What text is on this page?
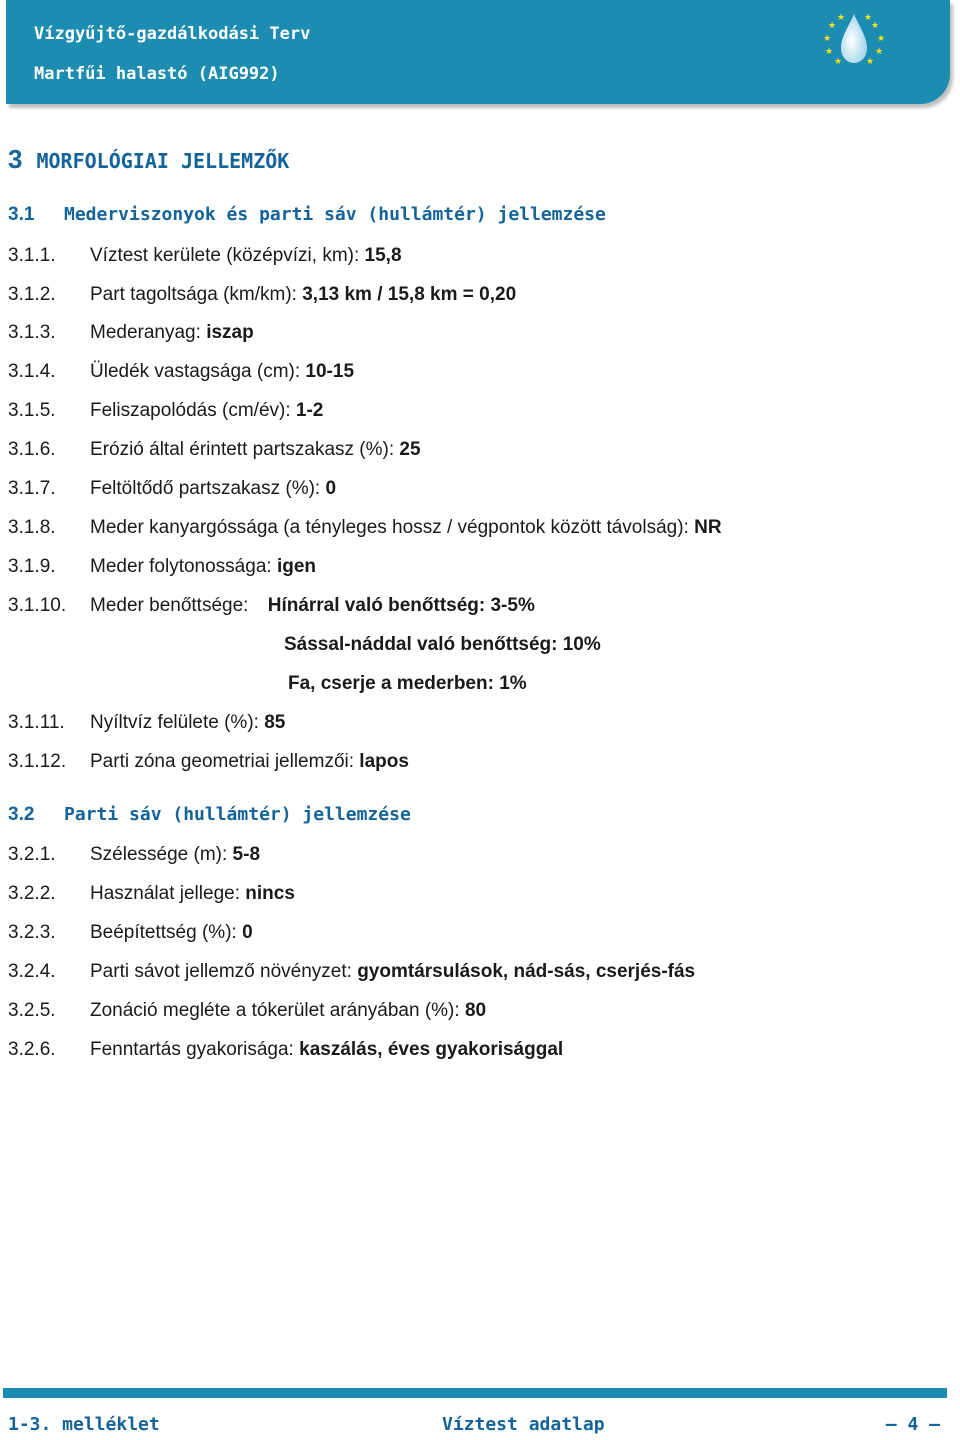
Vízgyűjtő-gazdálkodási Terv
Martfűi halastó (AIG992)
★
★
★
★
★
★
★
★
★ ★
3 MORFOLÓGIAI JELLEMZŐK
3.1 Mederviszonyok és parti sáv (hullámtér) jellemzése
3.1.1. Víztest kerülete (középvízi, km): 15,8
3.1.2. Part tagoltsága (km/km): 3,13 km / 15,8 km = 0,20
3.1.3. Mederanyag: iszap
3.1.4. Üledék vastagsága (cm): 10-15
3.1.5. Feliszapolódás (cm/év): 1-2
3.1.6. Erózió által érintett partszakasz (%): 25
3.1.7. Feltöltődő partszakasz (%): 0
3.1.8. Meder kanyargóssága (a tényleges hossz / végpontok között távolság): NR
3.1.9. Meder folytonossága: igen
3.1.10. Meder benőttsége: Hínárral való benőttség: 3-5%
Sással-náddal való benőttség: 10%
Fa, cserje a mederben: 1%
3.1.11. Nyíltvíz felülete (%): 85
3.1.12. Parti zóna geometriai jellemzői: lapos
3.2 Parti sáv (hullámtér) jellemzése
3.2.1. Szélessége (m): 5-8
3.2.2. Használat jellege: nincs
3.2.3. Beépítettség (%): 0
3.2.4. Parti sávot jellemző növényzet: gyomtársulások, nád-sás, cserjés-fás
3.2.5. Zonáció megléte a tókerület arányában (%): 80
3.2.6. Fenntartás gyakorisága: kaszálás, éves gyakorisággal
1-3. melléklet	Víztest adatlap	– 4 –
